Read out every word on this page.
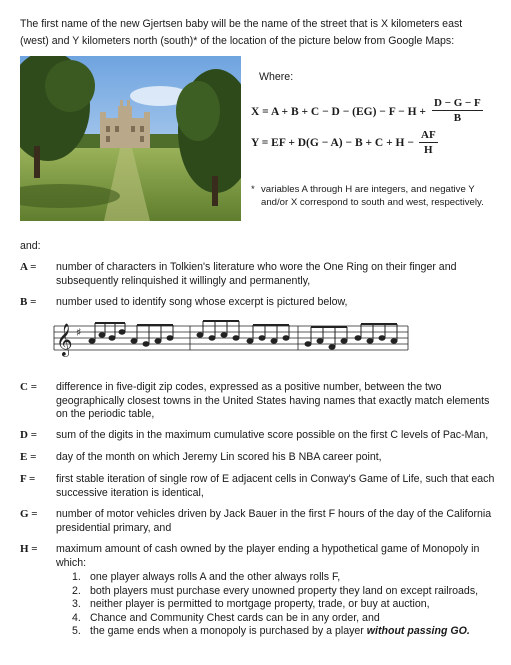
The first name of the new Gjertsen baby will be the name of the street that is X kilometers east (west) and Y kilometers north (south)* of the location of the picture below from Google Maps:
Where:
$X = A + B + C - D - (EG) - F - H + \frac{D - G - F}{B}$
Y = EF + $D(G - A) - B + C + H - \frac{AF}{H}$
* variables A through H are integers, and negative Y and/or X correspond to south and west, respectively.
and:
A = number of characters in Tolkien's literature who wore the One Ring on their finger and subsequently relinquished it willingly and permanently,
B = number used to identify song whose excerpt is pictured below,
𝄞 ♯
C = difference in five-digit zip codes, expressed as a positive number, between the two geographically closest towns in the United States having names that exactly match elements on the periodic table,
D = sum of the digits in the maximum cumulative score possible on the first C levels of Pac-Man,
E = day of the month on which Jeremy Lin scored his B NBA career point,
F = first stable iteration of single row of E adjacent cells in Conway's Game of Life, such that each successive iteration is identical,
G = number of motor vehicles driven by Jack Bauer in the first F hours of the day of the California presidential primary, and
H = maximum amount of cash owned by the player ending a hypothetical game of Monopoly in which:
1. one player always rolls A and the other always rolls F,
2. both players must purchase every unowned property they land on except railroads,
3. neither player is permitted to mortgage property, trade, or buy at auction,
4. Chance and Community Chest cards can be in any order, and
5. the game ends when a monopoly is purchased by a player without passing GO.
